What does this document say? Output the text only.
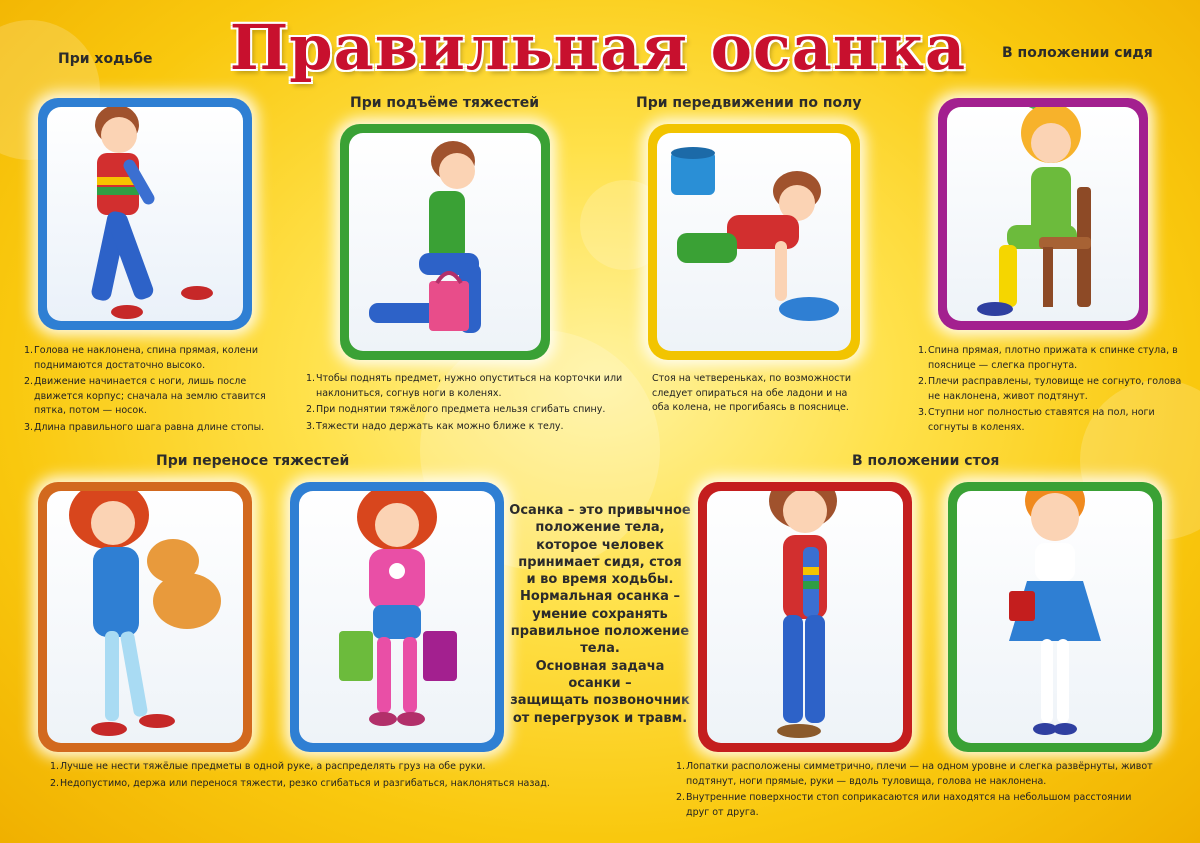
Правильная осанка
При ходьбе
1. Голова не наклонена, спина прямая, колени поднимаются достаточно высоко.
2. Движение начинается с ноги, лишь после движется корпус; сначала на землю ставится пятка, потом — носок.
3. Длина правильного шага равна длине стопы.
При подъёме тяжестей
1. Чтобы поднять предмет, нужно опуститься на корточки или наклониться, согнув ноги в коленях.
2. При поднятии тяжёлого предмета нельзя сгибать спину.
3. Тяжести надо держать как можно ближе к телу.
При передвижении по полу

Стоя на четвереньках, по возможности следует опираться на обе ладони и на оба колена, не прогибаясь в пояснице.

В положении сидя
1. Спина прямая, плотно прижата к спинке стула, в пояснице — слегка прогнута.
2. Плечи расправлены, туловище не согнуто, голова не наклонена, живот подтянут.
3. Ступни ног полностью ставятся на пол, ноги согнуты в коленях.
При переносе тяжестей
1. Лучше не нести тяжёлые предметы в одной руке, а распределять груз на обе руки.
2. Недопустимо, держа или перенося тяжести, резко сгибаться и разгибаться, наклоняться назад.

Осанка – это привычное

положение тела,

которое человек

принимает сидя, стоя

и во время ходьбы.

Нормальная осанка –

умение сохранять

правильное положение

тела.

Основная задача осанки –

защищать позвоночник

от перегрузок и травм.

В положении стоя
1. Лопатки расположены симметрично, плечи — на одном уровне и слегка развёрнуты, живот подтянут, ноги прямые, руки — вдоль туловища, голова не наклонена.
2. Внутренние поверхности стоп соприкасаются или находятся на небольшом расстоянии друг от друга.
